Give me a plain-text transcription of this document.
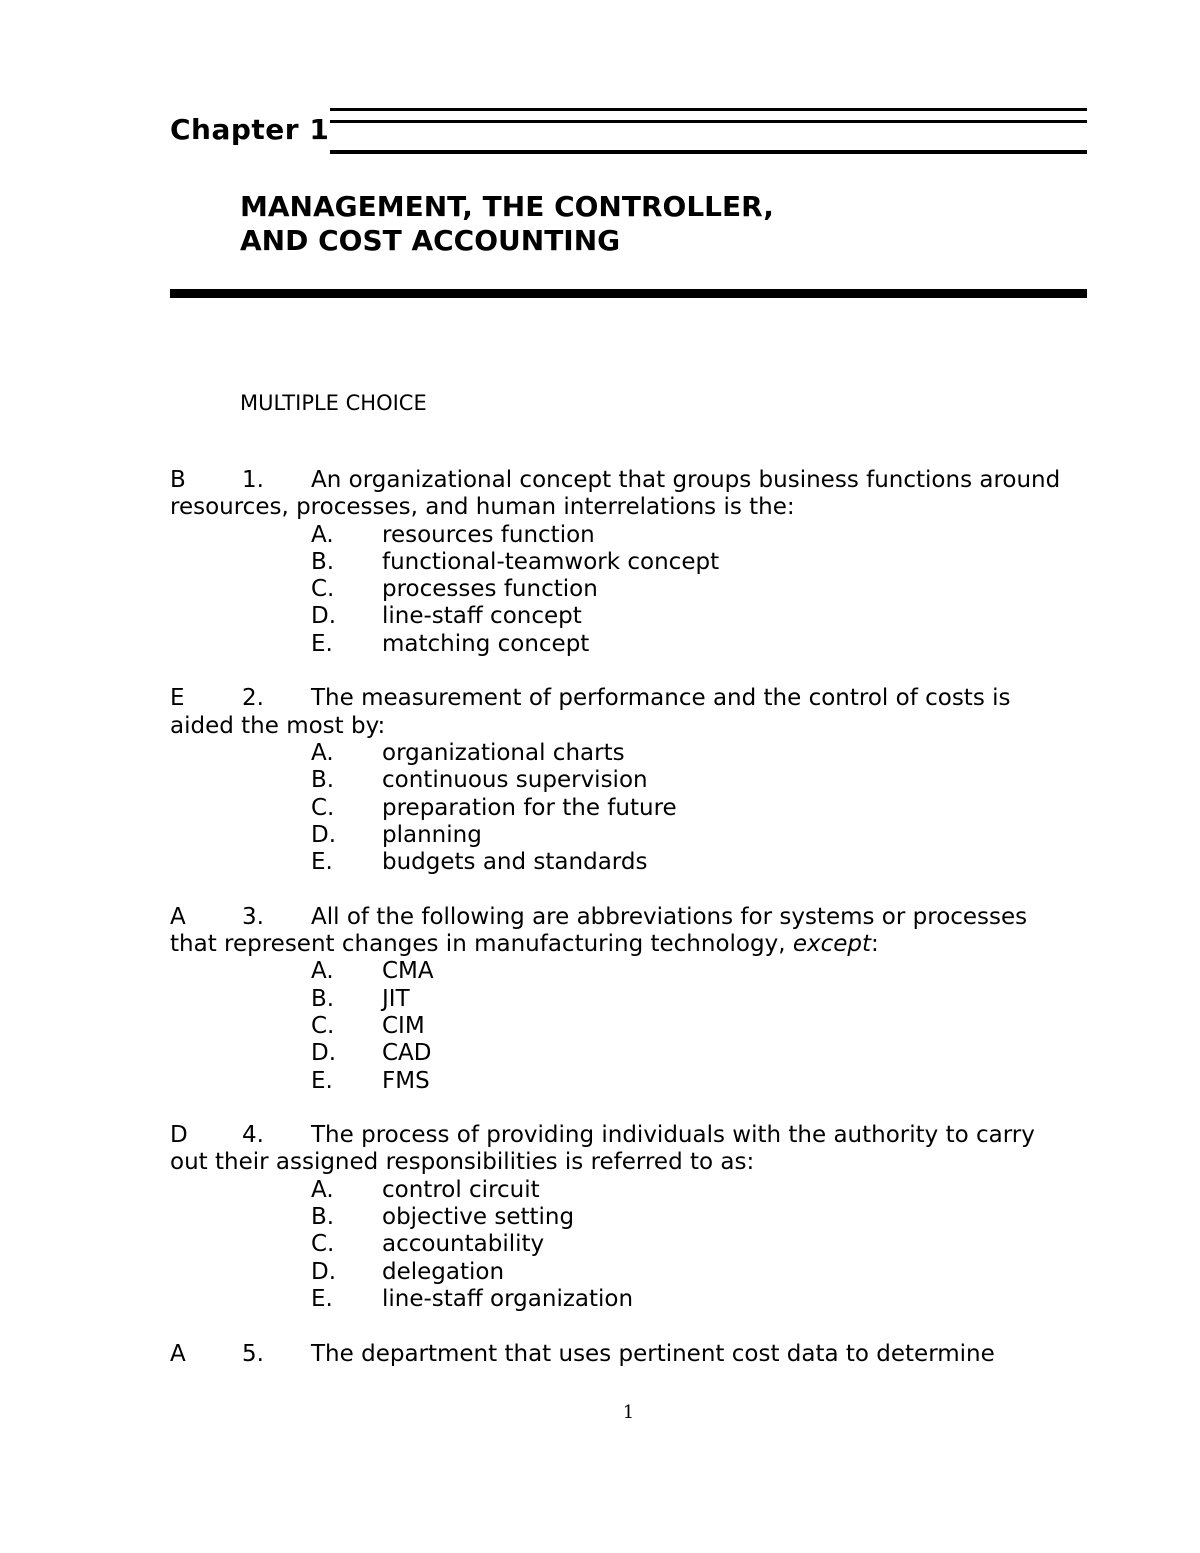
Chapter 1
MANAGEMENT, THE CONTROLLER,
AND COST ACCOUNTING
MULTIPLE CHOICE
B 1. An organizational concept that groups business functions around
resources, processes, and human interrelations is the:
A. resources function
B. functional-teamwork concept
C. processes function
D. line-staff concept
E. matching concept
E 2. The measurement of performance and the control of costs is
aided the most by:
A. organizational charts
B. continuous supervision
C. preparation for the future
D. planning
E. budgets and standards
A 3. All of the following are abbreviations for systems or processes
that represent changes in manufacturing technology, except:
A. CMA
B. JIT
C. CIM
D. CAD
E. FMS
D 4. The process of providing individuals with the authority to carry
out their assigned responsibilities is referred to as:
A. control circuit
B. objective setting
C. accountability
D. delegation
E. line-staff organization
A 5. The department that uses pertinent cost data to determine
1
